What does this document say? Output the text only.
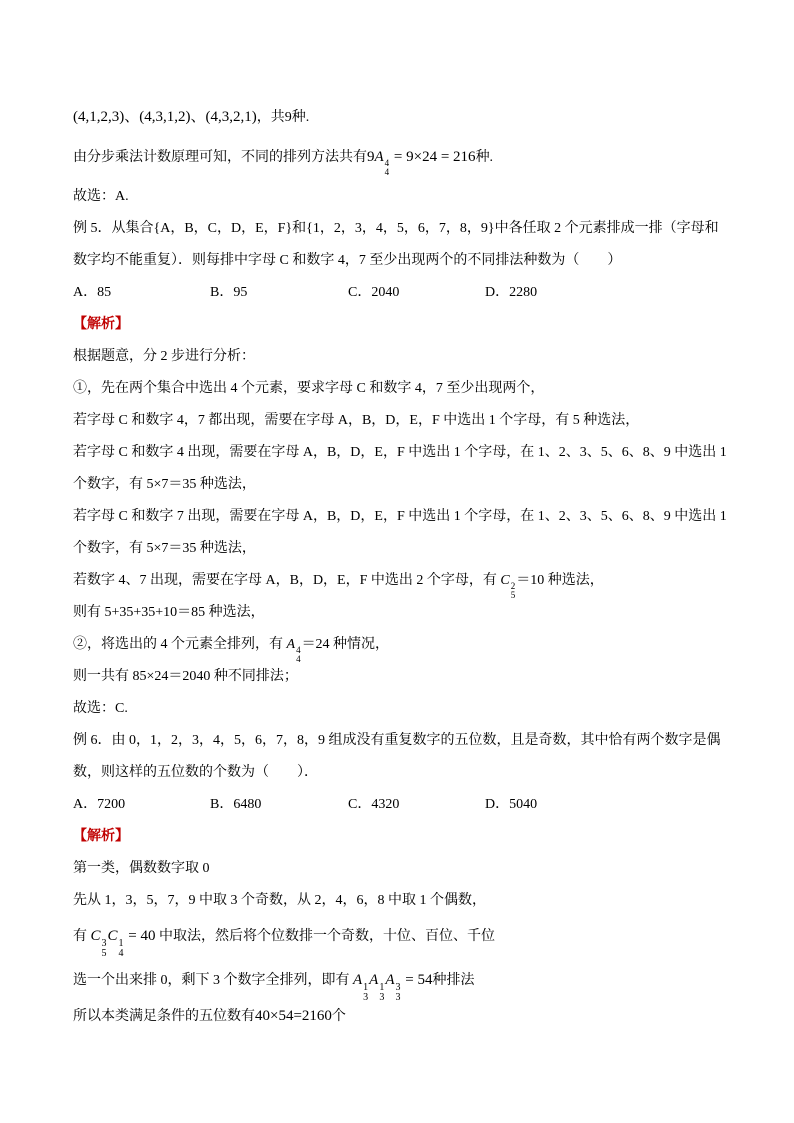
(4,1,2,3)、(4,3,1,2)、(4,3,2,1)，共9种.
由分步乘法计数原理可知，不同的排列方法共有9A 4
4
= 9×24 = 216种.
故选：A.
例 5．从集合{A，B，C，D，E，F}和{1，2，3，4，5，6，7，8，9}中各任取 2 个元素排成一排（字母和
数字均不能重复）．则每排中字母 C 和数字 4，7 至少出现两个的不同排法种数为（　　）
A．85	B．95	C．2040	D．2280
【解析】
根据题意，分 2 步进行分析：
①，先在两个集合中选出 4 个元素，要求字母 C 和数字 4，7 至少出现两个，
若字母 C 和数字 4，7 都出现，需要在字母 A，B，D，E，F 中选出 1 个字母，有 5 种选法，
若字母 C 和数字 4 出现，需要在字母 A，B，D，E，F 中选出 1 个字母，在 1、2、3、5、6、8、9 中选出 1
个数字，有 5×7＝35 种选法，
若字母 C 和数字 7 出现，需要在字母 A，B，D，E，F 中选出 1 个字母，在 1、2、3、5、6、8、9 中选出 1
个数字，有 5×7＝35 种选法，
若数字 4、7 出现，需要在字母 A，B，D，E，F 中选出 2 个字母，有 C 2
5
＝10 种选法，
则有 5+35+35+10＝85 种选法，
②，将选出的 4 个元素全排列，有 A 4
4
＝24 种情况，
则一共有 85×24＝2040 种不同排法；
故选：C.
例 6．由 0，1，2，3，4，5，6，7，8，9 组成没有重复数字的五位数，且是奇数，其中恰有两个数字是偶
数，则这样的五位数的个数为（　　）．
A．7200	B．6480	C．4320	D．5040
【解析】
第一类，偶数数字取 0
先从 1，3，5，7，9 中取 3 个奇数，从 2，4，6，8 中取 1 个偶数，
有 C 3
5
C 1
4
= 40 中取法，然后将个位数排一个奇数，十位、百位、千位
选一个出来排 0，剩下 3 个数字全排列，即有 A 1
3
A 1
3
A 3
3
= 54种排法
所以本类满足条件的五位数有40×54=2160个
